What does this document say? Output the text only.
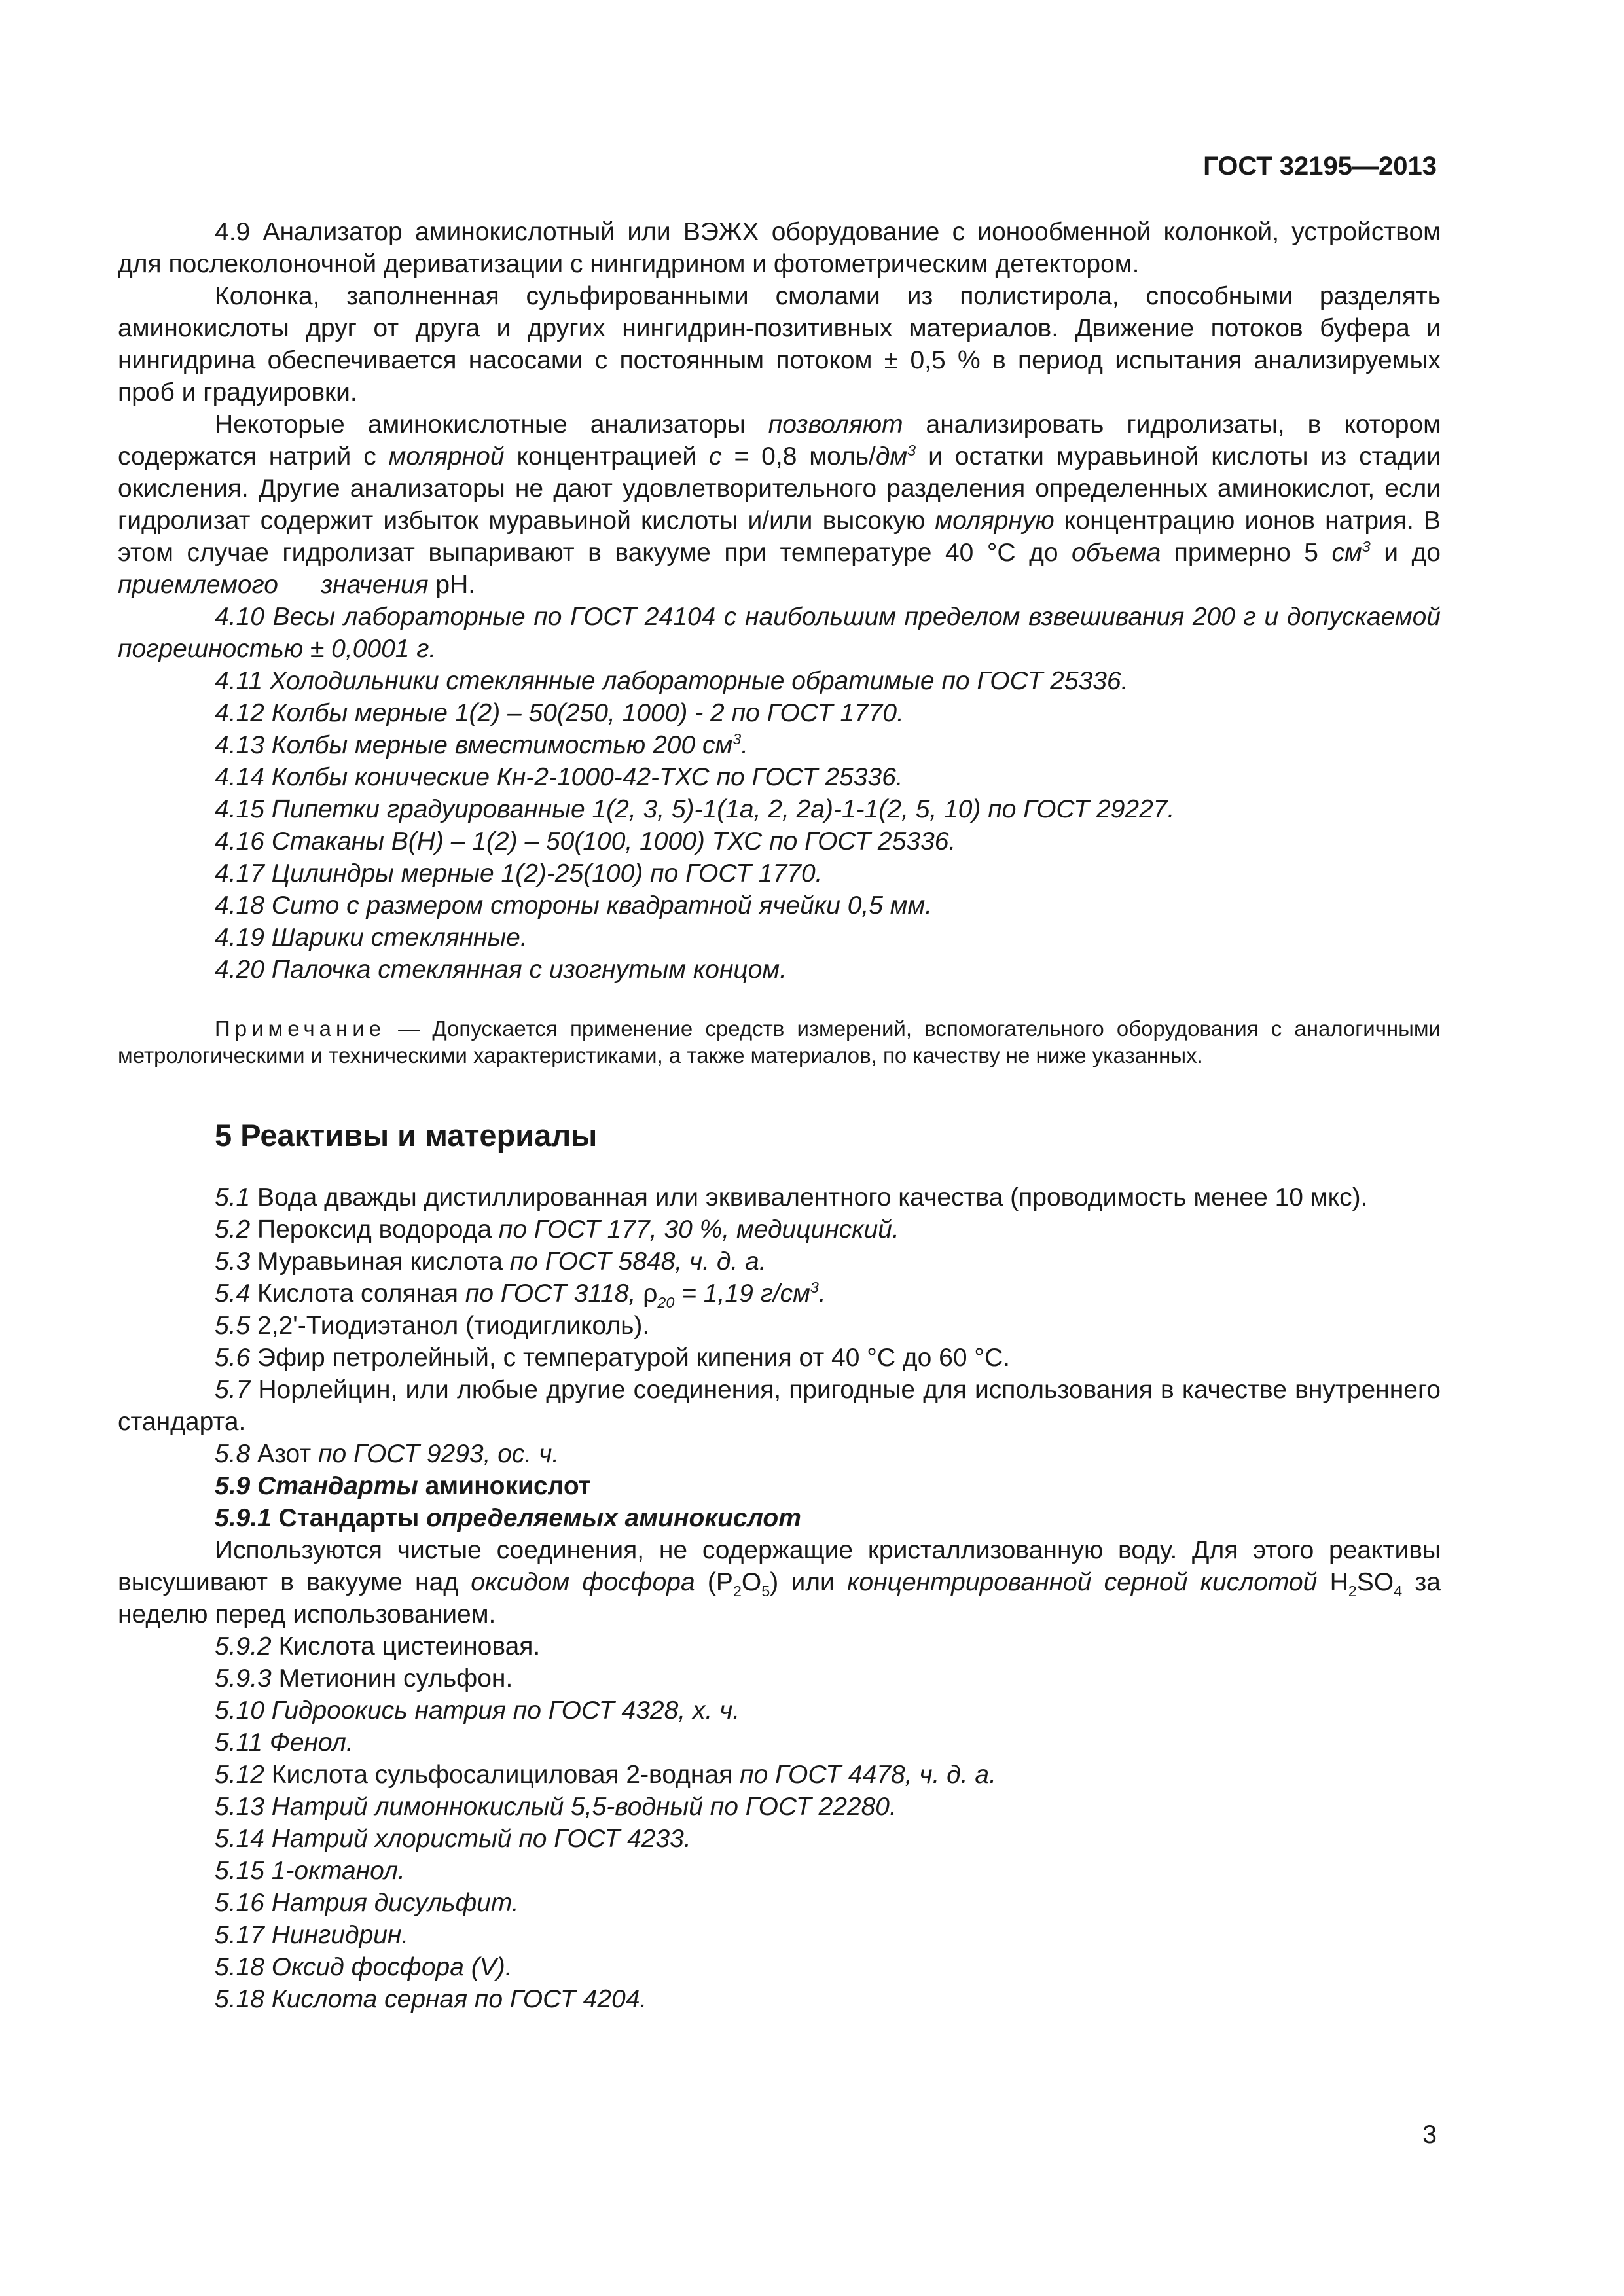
ГОСТ 32195—2013

4.9 Анализатор аминокислотный или ВЭЖХ оборудование с ионообменной колонкой, устройством для послеколоночной дериватизации с нингидрином и фотометрическим детектором.

Колонка, заполненная сульфированными смолами из полистирола, способными разделять аминокислоты друг от друга и других нингидрин-позитивных материалов. Движение потоков буфера и нингидрина обеспечивается насосами с постоянным потоком ± 0,5 % в период испытания анализируемых проб и градуировки.

Некоторые аминокислотные анализаторы позволяют анализировать гидролизаты, в котором содержатся натрий с молярной концентрацией с = 0,8 моль/$дм^3$ и остатки муравьиной кислоты из стадии окисления. Другие анализаторы не дают удовлетворительного разделения определенных аминокислот, если гидролизат содержит избыток муравьиной кислоты и/или высокую молярную концентрацию ионов натрия. В этом случае гидролизат выпаривают в вакууме при температуре 40 °С до объема примерно 5 $см^3$ и до приемлемого значения pH.

4.10 Весы лабораторные по ГОСТ 24104 с наибольшим пределом взвешивания 200 г и допускаемой погрешностью ± 0,0001 г.

4.11 Холодильники стеклянные лабораторные обратимые по ГОСТ 25336.

4.12 Колбы мерные 1(2) – 50(250, 1000) - 2 по ГОСТ 1770.

4.13 Колбы мерные вместимостью 200 $см^3$.

4.14 Колбы конические Кн-2-1000-42-ТХС по ГОСТ 25336.

4.15 Пипетки градуированные 1(2, 3, 5)-1(1а, 2, 2а)-1-1(2, 5, 10) по ГОСТ 29227.

4.16 Стаканы В(Н) – 1(2) – 50(100, 1000) ТХС по ГОСТ 25336.

4.17 Цилиндры мерные 1(2)-25(100) по ГОСТ 1770.

4.18 Сито с размером стороны квадратной ячейки 0,5 мм.

4.19 Шарики стеклянные.

4.20 Палочка стеклянная с изогнутым концом.

Примечание — Допускается применение средств измерений, вспомогательного оборудования с аналогичными метрологическими и техническими характеристиками, а также материалов, по качеству не ниже указанных.

5 Реактивы и материалы

5.1 Вода дважды дистиллированная или эквивалентного качества (проводимость менее 10 мкс).

5.2 Пероксид водорода по ГОСТ 177, 30 %, медицинский.

5.3 Муравьиная кислота по ГОСТ 5848, ч. д. а.

5.4 Кислота соляная по ГОСТ 3118, $\rho_{20} = 1,19$ $г/см^3$.

5.5 2,2'-Тиодиэтанол (тиодигликоль).

5.6 Эфир петролейный, с температурой кипения от 40 °С до 60 °С.

5.7 Норлейцин, или любые другие соединения, пригодные для использования в качестве внутреннего стандарта.

5.8 Азот по ГОСТ 9293, ос. ч.

5.9 Стандарты аминокислот

5.9.1 Стандарты определяемых аминокислот

Используются чистые соединения, не содержащие кристаллизованную воду. Для этого реактивы высушивают в вакууме над оксидом фосфора $(P_2O_5)$ или концентрированной серной кислотой $H_2SO_4$ за неделю перед использованием.

5.9.2 Кислота цистеиновая.

5.9.3 Метионин сульфон.

5.10 Гидроокись натрия по ГОСТ 4328, х. ч.

5.11 Фенол.

5.12 Кислота сульфосалициловая 2-водная по ГОСТ 4478, ч. д. а.

5.13 Натрий лимоннокислый 5,5-водный по ГОСТ 22280.

5.14 Натрий хлористый по ГОСТ 4233.

5.15 1-октанол.

5.16 Натрия дисульфит.

5.17 Нингидрин.

5.18 Оксид фосфора (V).

5.18 Кислота серная по ГОСТ 4204.

3
